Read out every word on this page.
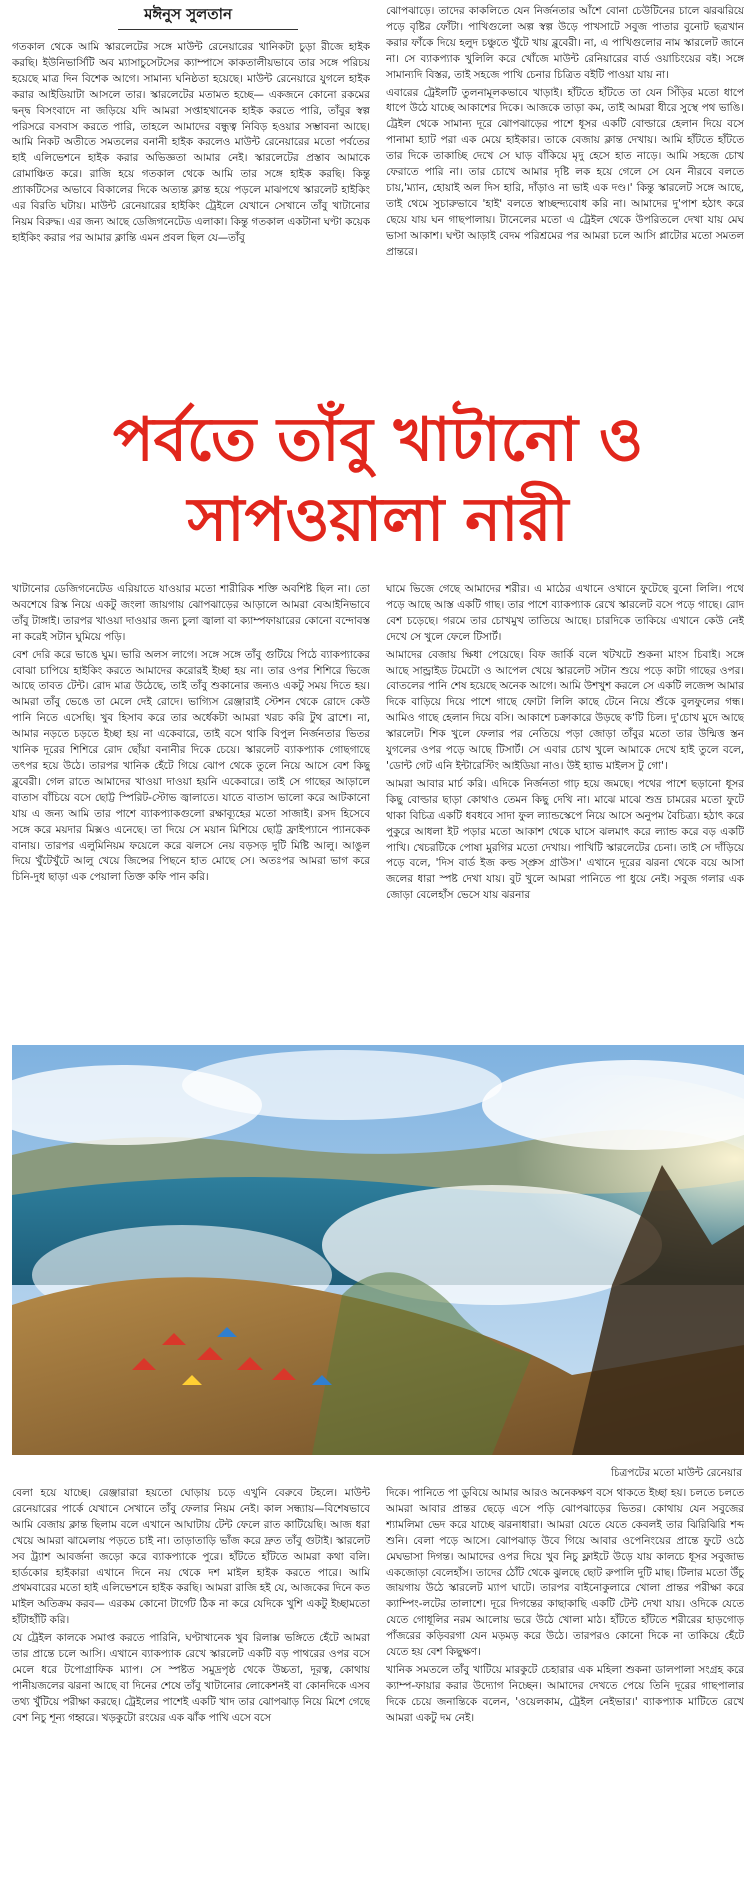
মঈনুস সুলতান

গতকাল থেকে আমি স্কারলেটের সঙ্গে মাউন্ট রেনেয়ারের খানিকটা চুড়া রীজে হাইক করছি। ইউনিভার্সিটি অব ম্যাসাচুসেটসের ক্যাম্পাসে কাকতালীয়ভাবে তার সঙ্গে পরিচয় হয়েছে মাত্র দিন বিশেক আগে। সামান্য ঘনিষ্ঠতা হয়েছে। মাউন্ট রেনেয়ারে যুগলে হাইক করার আইডিয়াটা আসলে তার। স্কারলেটের মতামত হচ্ছে— একজনে কোনো রকমের দ্বন্দ্ব বিসংবাদে না জড়িয়ে যদি আমরা সপ্তাহখানেক হাইক করতে পারি, তাঁবুর স্বল্প পরিসরে বসবাস করতে পারি, তাহলে আমাদের বন্ধুত্ব নিবিড় হওয়ার সম্ভাবনা আছে। আমি নিকট অতীতে সমতলের বনানী হাইক করলেও মাউন্ট রেনেয়ারের মতো পর্বতের হাই এলিভেশনে হাইক করার অভিজ্ঞতা আমার নেই। স্কারলেটের প্রস্তাব আমাকে রোমাঞ্চিত করে। রাজি হয়ে গতকাল থেকে আমি তার সঙ্গে হাইক করছি। কিন্তু প্র্যাকটিসের অভাবে বিকালের দিকে অত্যন্ত ক্লান্ত হয়ে পড়লে মাঝপথে স্কারলেট হাইকিং এর বিরতি ঘটায়। মাউন্ট রেনেয়ারের হাইকিং ট্রেইলে যেখানে সেখানে তাঁবু খাটানোর নিয়ম বিরুদ্ধ। এর জন্য আছে ডেজিগনেটেড এলাকা। কিন্তু গতকাল একটানা ঘণ্টা কয়েক হাইকিং করার পর আমার ক্লান্তি এমন প্রবল ছিল যে—তাঁবু

ঝোপঝাড়ে। তাদের কাকলিতে যেন নির্জনতার আঁশে বোনা চেউটিনের চালে ঝরঝরিয়ে পড়ে বৃষ্টির ফোঁটা। পাখিগুলো অল্প স্বল্প উড়ে পাখসাটে সবুজ পাতার বুনোট ছত্রখান করার ফাঁকে দিয়ে হলুদ চঞ্চুতে খুঁটে খায় ব্লুবেরী। না, এ পাখিগুলোর নাম স্কারলেট জানে না। সে ব্যাকপ্যাক খুলিলি করে খোঁজে মাউন্ট রেনিয়ারের বার্ড ওয়াচিংয়ের বই। সঙ্গে সামান্যদি বিস্তর, তাই সহজে পাখি চেনার চিত্রিত বইটি পাওয়া যায় না।

এবারের ট্রেইলটি তুলনামূলকভাবে খাড়াই। হাঁটতে হাঁটতে তা যেন সিঁড়ির মতো ধাপে ধাপে উঠে যাচ্ছে আকাশের দিকে। আজকে তাড়া কম, তাই আমরা ধীরে সুস্থে পথ ভাঙি। ট্রেইল থেকে সামান্য দূরে ঝোপঝাড়ের পাশে ধূসর একটি বোল্ডারে হেলান দিয়ে বসে পানামা হ্যাট পরা এক মেয়ে হাইকার। তাকে বেজায় ক্লান্ত দেখায়। আমি হাঁটতে হাঁটতে তার দিকে তাকাচ্ছি দেখে সে ঘাড় বাঁকিয়ে মৃদু হেসে হাত নাড়ে। আমি সহজে চোখ ফেরাতে পারি না। তার চোখে আমার দৃষ্টি লক হয়ে গেলে সে যেন নীরবে বলতে চায়,'ম্যান, হোয়াই অল দিস হারি, দাঁড়াও না ভাই এক দণ্ড।' কিন্তু স্কারলেট সঙ্গে আছে, তাই থেমে সুচারুভাবে 'হাই' বলতে স্বাচ্ছন্দ্যবোধ করি না। আমাদের দু'পাশ হঠাৎ করে ছেয়ে যায় ঘন গাছপালায়। টানেলের মতো এ ট্রেইল থেকে উপরিতলে দেখা যায় মেঘ ভাসা আকাশ। ঘণ্টা আড়াই বেদম পরিশ্রমের পর আমরা চলে আসি প্লাটোর মতো সমতল প্রান্তরে।

পর্বতে তাঁবু খাটানো ও
সাপওয়ালা নারী

খাটানোর ডেজিগনেটেড এরিয়াতে যাওয়ার মতো শারীরিক শক্তি অবশিষ্ট ছিল না। তো অবশেষে রিস্ক নিয়ে একটু জংলা জায়গায় ঝোপঝাড়ের আড়ালে আমরা বেআইনিভাবে তাঁবু টাঙ্গাই। তারপর খাওয়া দাওয়ার জন্য চুলা জ্বালা বা ক্যাম্পফায়ারের কোনো বন্দোবস্ত না করেই সটান ঘুমিয়ে পড়ি।

বেশ দেরি করে ভাঙে ঘুম। ভারি অলস লাগে। সঙ্গে সঙ্গে তাঁবু গুটিয়ে পিঠে ব্যাকপ্যাকের বোঝা চাপিয়ে হাইকিং করতে আমাদের করোরই ইচ্ছা হয় না। তার ওপর শিশিরে ভিজে আছে তাবত টেন্ট। রোদ মাত্র উঠেছে, তাই তাঁবু শুকানোর জন্যও একটু সময় দিতে হয়। আমরা তাঁবু ভেঙে তা মেলে দেই রোদে। ভাগ্যিস রেঞ্জারাই স্টেশন থেকে রোদে কেউ পানি নিতে এসেছি। খুব হিসাব করে তার অর্ধেকটা আমরা খরচ করি টুথ ব্রাশে। না, আমার নড়তে চড়তে ইচ্ছা হয় না একেবারে, তাই বসে থাকি বিপুল নির্জনতার ভিতর খানিক দূরের শিশিরে রোদ ছোঁয়া বনানীর দিকে চেয়ে। স্কারলেট ব্যাকপ্যাক গোছগাছে তৎপর হয়ে উঠে। তারপর খানিক হেঁটে গিয়ে ঝোপ থেকে তুলে নিয়ে আসে বেশ কিছু ব্লুবেরী। গেল রাতে আমাদের খাওয়া দাওয়া হয়নি একেবারে। তাই সে গাছের আড়ালে বাতাস বাঁচিয়ে বসে ছোট্ট স্পিরিট-স্টোভ জ্বালাতে। যাতে বাতাস ভালো করে আটকানো যায় এ জন্য আমি তার পাশে ব্যাকপ্যাকগুলো রক্ষাব্যূহের মতো সাজাই। রসদ হিসেবে সঙ্গে করে ময়দার মিক্সও এনেছে। তা দিয়ে সে ময়ান মিশিয়ে ছোট্ট ফ্রাইপ্যানে প্যানকেক বানায়। তারপর এলুমিনিয়ম ফয়েলে করে ঝলসে নেয় বড়সড় দুটি মিষ্টি আলু। আঙুল দিয়ে খুঁটেখুঁটে আলু খেয়ে জিন্সের পিছনে হাত মোছে সে। অতঃপর আমরা ভাগ করে চিনি-দুধ ছাড়া এক পেয়ালা তিক্ত কফি পান করি।

ঘামে ভিজে গেছে আমাদের শরীর। এ মাঠের এখানে ওখানে ফুটেছে বুনো লিলি। পথে পড়ে আছে আস্ত একটি গাছ। তার পাশে ব্যাকপ্যাক রেখে স্কারলেট বসে পড়ে গাছে। রোদ বেশ চড়েছে। গরমে তার চোখমুখ তাতিয়ে আছে। চারদিকে তাকিয়ে এখানে কেউ নেই দেখে সে খুলে ফেলে টিসার্ট।

আমাদের বেজায় ক্ষিধা পেয়েছে। বিফ জার্কি বলে খটখটে শুকনা মাংস চিবাই। সঙ্গে আছে সান্ড্রাইড টমেটো ও আপেল খেয়ে স্কারলেট সটান শুয়ে পড়ে কাটা গাছের ওপর। বোতলের পানি শেষ হয়েছে অনেক আগে। আমি উশখুশ করলে সে একটি লজেন্স আমার দিকে বাড়িয়ে দিয়ে পাশে গাছে ফোটা লিলি কাছে টেনে নিয়ে শুঁকে বুলফুলের গন্ধ। আমিও গাছে হেলান দিয়ে বসি। আকাশে চক্রাকারে উড়ছে ক'টি চিল। দু'চোখ মুদে আছে স্কারলেট। শিক খুলে ফেলার পর নেতিয়ে পড়া জোড়া তাঁবুর মতো তার উন্মিত্ত স্তন যুগলের ওপর পড়ে আছে টিসার্ট। সে এবার চোখ খুলে আমাকে দেখে হাই তুলে বলে, 'ডোন্ট গেট এনি ইন্টারেস্টিং আইডিয়া নাও। উই হ্যাভ মাইলস টু গো'।

আমরা আবার মার্চ করি। এদিকে নির্জনতা গাঢ় হয়ে জমছে। পথের পাশে ছড়ানো ধূসর কিছু বোল্ডার ছাড়া কোথাও তেমন কিছু দেখি না। মাঝে মাঝে শুভ্র চামরের মতো ফুটে থাকা বিচিত্র একটি ধবধবে সাদা ফুল ল্যান্ডস্কেপে নিয়ে আসে অনুপম বৈচিত্র্য। হঠাৎ করে পুকুরে আধলা ইট পড়ার মতো আকাশ থেকে ঘাসে ঝলমাৎ করে ল্যান্ড করে বড় একটি পাখি। খেচরটিকে পোষা মুরগির মতো দেখায়। পাখিটি স্কারলেটের চেনা। তাই সে দাঁড়িয়ে পড়ে বলে, 'দিস বার্ড ইজ কল্ড স্প্রুস গ্রাউস।' এখানে দূরের ঝরনা থেকে বয়ে আসা জলের ধারা স্পষ্ট দেখা যায়। বুট খুলে আমরা পানিতে পা ধুয়ে নেই। সবুজ গলার এক জোড়া বেলেহাঁস ভেসে যায় ঝরনার

চিত্রপটের মতো মাউন্ট রেনেয়ার

বেলা হয়ে যাচ্ছে। রেঞ্জারারা হয়তো ঘোড়ায় চড়ে এখুনি বেরুবে টহলে। মাউন্ট রেনেয়ারের পার্কে যেখানে সেখানে তাঁবু ফেলার নিয়ম নেই। কাল সন্ধ্যায়—বিশেষভাবে আমি বেজায় ক্লান্ত ছিলাম বলে এখানে আঘাটায় টেন্ট ফেলে রাত কাটিয়েছি। আজ ধরা খেয়ে আমরা ঝামেলায় পড়তে চাই না। তাড়াতাড়ি ভাঁজ করে দ্রুত তাঁবু গুটাই। স্কারলেট সব ট্র্যাশ আবর্জনা জড়ো করে ব্যাকপ্যাকে পুরে। হাঁটতে হাঁটতে আমরা কথা বলি। হার্ডকোর হাইকারা এখানে দিনে নয় থেকে দশ মাইল হাইক করতে পারে। আমি প্রথমবারের মতো হাই এলিভেশনে হাইক করছি। আমরা রাজি হই যে, আজকের দিনে কত মাইল অতিক্রম করব— এরকম কোনো টার্গেট ঠিক না করে যেদিকে খুশি একটু ইচ্ছামতো হাঁটাহাঁটি করি।

যে ট্রেইল কালকে সমাপ্ত করতে পারিনি, ঘণ্টাখানেক খুব রিলাক্স ভঙ্গিতে হেঁটে আমরা তার প্রান্তে চলে আসি। এখানে ব্যাকপ্যাক রেখে স্কারলেট একটি বড় পাথরের ওপর বসে মেলে ধরে টপোগ্রাফিক ম্যাপ। সে স্পষ্টত সমুদ্রপৃষ্ঠ থেকে উচ্চতা, দূরত্ব, কোথায় পানীয়জলের ঝরনা আছে বা দিনের শেষে তাঁবু খাটানোর লোকেশনই বা কোনদিকে এসব তথ্য খুঁটিয়ে পরীক্ষা করছে। ট্রেইলের পাশেই একটি খাদ তার ঝোপঝাড় নিয়ে মিশে গেছে বেশ নিচু শূন্য গহ্বরে। খড়কুটো রংয়ের এক ঝাঁক পাখি এসে বসে

দিকে। পানিতে পা ডুবিয়ে আমার আরও অনেকক্ষণ বসে থাকতে ইচ্ছা হয়। চলতে চলতে আমরা আবার প্রান্তর ছেড়ে এসে পড়ি ঝোপঝাড়ের ভিতর। কোথায় যেন সবুজের শ্যামলিমা ভেদ করে যাচ্ছে ঝরনাধারা। আমরা যেতে যেতে কেবলই তার ঝিরিঝিরি শব্দ শুনি। বেলা পড়ে আসে। ঝোপঝাড় উবে গিয়ে আবার ওপেনিংয়ের প্রান্তে ফুটে ওঠে মেঘভাসা দিগন্ত। আমাদের ওপর দিয়ে খুব নিচু ফ্লাইটে উড়ে যায় কালচে ধূসর সবুজাভ একজোড়া বেলেহাঁস। তাদের ঠোঁট থেকে ঝুলছে ছোট রুপালি দুটি মাছ। টিলার মতো উঁচু জায়গায় উঠে স্কারলেট ম্যাপ ঘাটে। তারপর বাইনোকুলারে খোলা প্রান্তর পরীক্ষা করে ক্যাম্পিং-লটের তালাশে। দূরে দিগন্তের কাছাকাছি একটি টেন্ট দেখা যায়। ওদিকে যেতে যেতে গোধূলির নরম আলোয় ভরে উঠে খোলা মাঠ। হাঁটতে হাঁটতে শরীরের হাড়গোড় পাঁজরের কড়িবরগা যেন মড়মড় করে উঠে। তারপরও কোনো দিকে না তাকিয়ে হেঁটে যেতে হয় বেশ কিছুক্ষণ।

খানিক সমতলে তাঁবু খাটিয়ে মারকুটে চেহারার এক মহিলা শুকনা ডালপালা সংগ্রহ করে ক্যাম্প-ফায়ার করার উদ্যোগ নিচ্ছেন। আমাদের দেখতে পেয়ে তিনি দূরের গাছপালার দিকে চেয়ে জনান্তিকে বলেন, 'ওয়েলকাম, ট্রেইল নেইভার।' ব্যাকপ্যাক মাটিতে রেখে আমরা একটু দম নেই।
